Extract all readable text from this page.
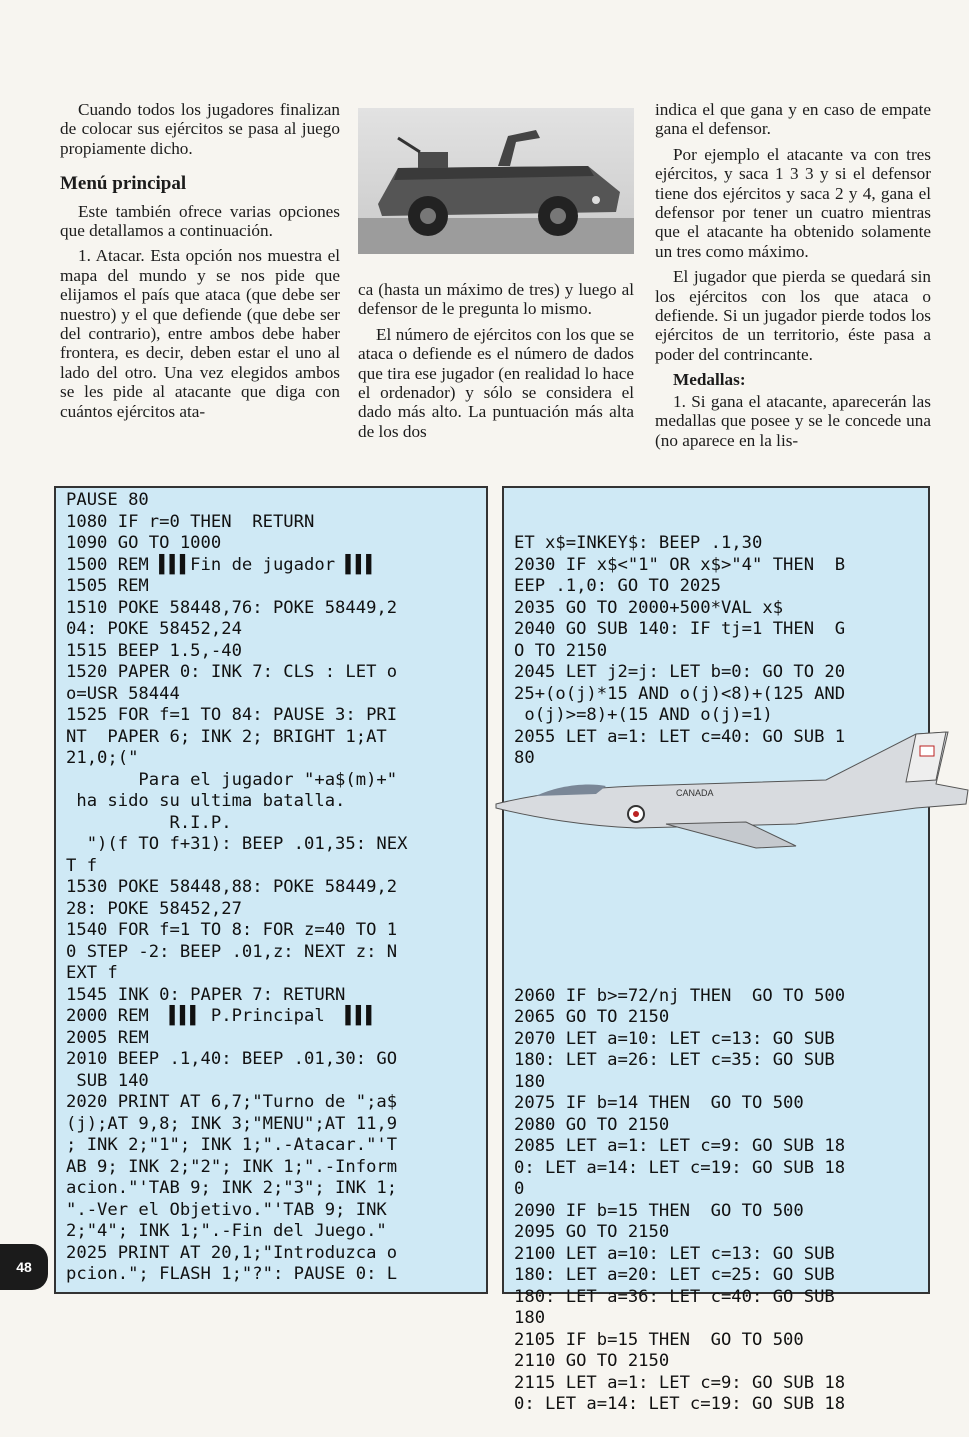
Cuando todos los jugadores finalizan de colocar sus ejércitos se pasa al juego propiamente dicho.

Menú principal

Este también ofrece varias opciones que detallamos a continuación.

1. Atacar. Esta opción nos muestra el mapa del mundo y se nos pide que elijamos el país que ataca (que debe ser nuestro) y el que defiende (que debe ser del contrario), entre ambos debe haber frontera, es decir, deben estar el uno al lado del otro. Una vez elegidos ambos se les pide al atacante que diga con cuántos ejércitos ata-

ca (hasta un máximo de tres) y luego al defensor de le pregunta lo mismo.

El número de ejércitos con los que se ataca o defiende es el número de dados que tira ese jugador (en realidad lo hace el ordenador) y sólo se considera el dado más alto. La puntuación más alta de los dos

indica el que gana y en caso de empate gana el defensor.

Por ejemplo el atacante va con tres ejércitos, y saca 1 3 3 y si el defensor tiene dos ejércitos y saca 2 y 4, gana el defensor por tener un cuatro mientras que el atacante ha obtenido solamente un tres como máximo.

El jugador que pierda se quedará sin los ejércitos con los que ataca o defiende. Si un jugador pierde todos los ejércitos de un territorio, éste pasa a poder del contrincante.

Medallas:

1. Si gana el atacante, aparecerán las medallas que posee y se le concede una (no aparece en la lis-

PAUSE 80
1080 IF r=0 THEN  RETURN
1090 GO TO 1000
1500 REM ▌▌▌Fin de jugador ▌▌▌
1505 REM
1510 POKE 58448,76: POKE 58449,2
04: POKE 58452,24
1515 BEEP 1.5,-40
1520 PAPER 0: INK 7: CLS : LET o
o=USR 58444
1525 FOR f=1 TO 84: PAUSE 3: PRI
NT  PAPER 6; INK 2; BRIGHT 1;AT
21,0;("
Para el jugador "+a$(m)+"
ha sido su ultima batalla.
R.I.P.
")(f TO f+31): BEEP .01,35: NEX
T f
1530 POKE 58448,88: POKE 58449,2
28: POKE 58452,27
1540 FOR f=1 TO 8: FOR z=40 TO 1
0 STEP -2: BEEP .01,z: NEXT z: N
EXT f
1545 INK 0: PAPER 7: RETURN
2000 REM  ▌▌▌ P.Principal  ▌▌▌
2005 REM
2010 BEEP .1,40: BEEP .01,30: GO
SUB 140
2020 PRINT AT 6,7;"Turno de ";a$
(j);AT 9,8; INK 3;"MENU";AT 11,9
; INK 2;"1"; INK 1;".-Atacar."'T
AB 9; INK 2;"2"; INK 1;".-Inform
acion."'TAB 9; INK 2;"3"; INK 1;
".-Ver el Objetivo."'TAB 9; INK
2;"4"; INK 1;".-Fin del Juego."
2025 PRINT AT 20,1;"Introduzca o
pcion."; FLASH 1;"?": PAUSE 0: L

ET x$=INKEY$: BEEP .1,30
2030 IF x$<"1" OR x$>"4" THEN  B
EEP .1,0: GO TO 2025
2035 GO TO 2000+500*VAL x$
2040 GO SUB 140: IF tj=1 THEN  G
O TO 2150
2045 LET j2=j: LET b=0: GO TO 20
25+(o(j)*15 AND o(j)<8)+(125 AND
o(j)>=8)+(15 AND o(j)=1)
2055 LET a=1: LET c=40: GO SUB 1
80

2060 IF b>=72/nj THEN  GO TO 500
2065 GO TO 2150
2070 LET a=10: LET c=13: GO SUB
180: LET a=26: LET c=35: GO SUB
180
2075 IF b=14 THEN  GO TO 500
2080 GO TO 2150
2085 LET a=1: LET c=9: GO SUB 18
0: LET a=14: LET c=19: GO SUB 18
0
2090 IF b=15 THEN  GO TO 500
2095 GO TO 2150
2100 LET a=10: LET c=13: GO SUB
180: LET a=20: LET c=25: GO SUB
180: LET a=36: LET c=40: GO SUB
180
2105 IF b=15 THEN  GO TO 500
2110 GO TO 2150
2115 LET a=1: LET c=9: GO SUB 18
0: LET a=14: LET c=19: GO SUB 18

CANADA
48
